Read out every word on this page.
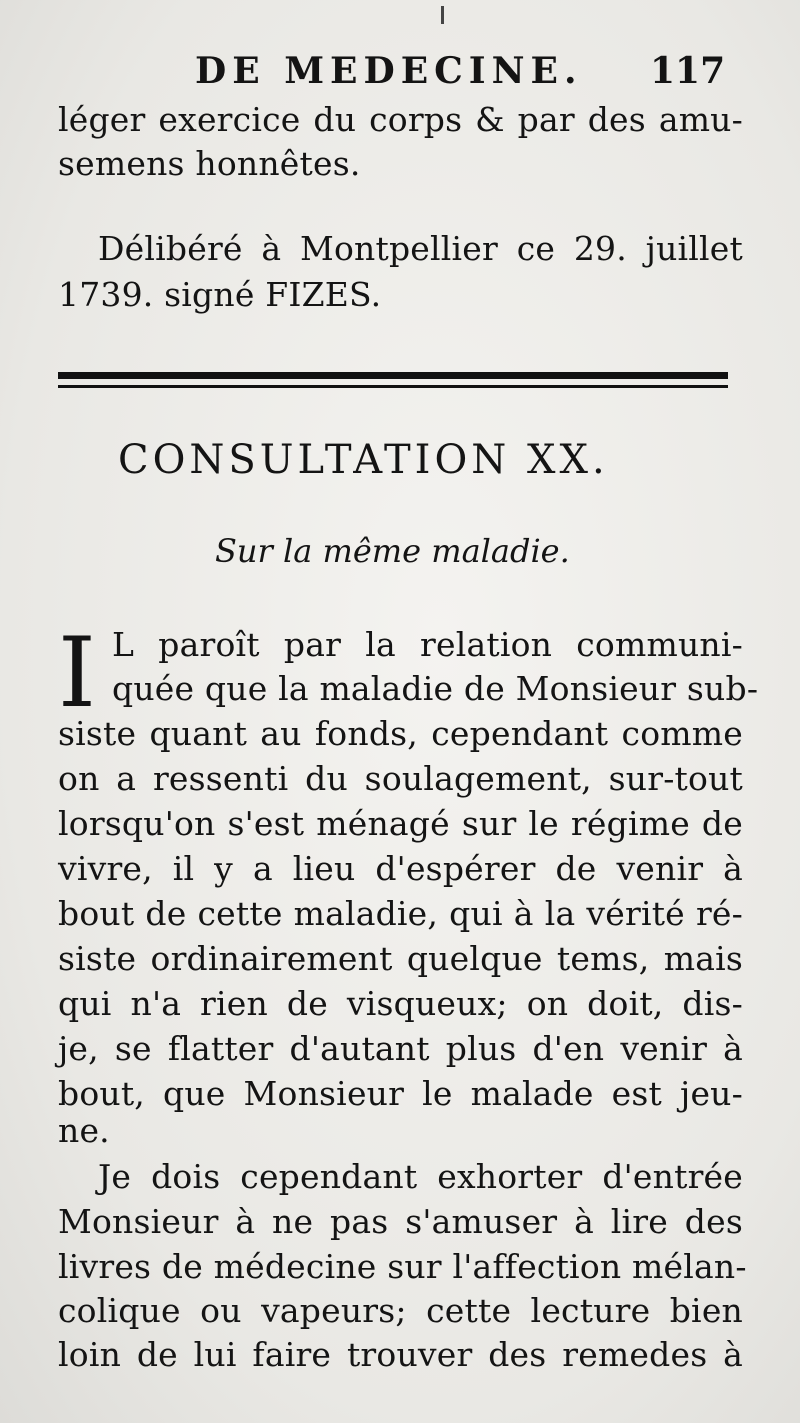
DE MEDECINE. 117
léger exercice du corps & par des amu-
semens honnêtes.
Délibéré à Montpellier ce 29. juillet
1739. signé FIZES.
CONSULTATION XX.
Sur la même maladie.
I L paroît par la relation communi-
quée que la maladie de Monsieur sub-
siste quant au fonds, cependant comme
on a ressenti du soulagement, sur-tout
lorsqu'on s'est ménagé sur le régime de
vivre, il y a lieu d'espérer de venir à
bout de cette maladie, qui à la vérité ré-
siste ordinairement quelque tems, mais
qui n'a rien de visqueux; on doit, dis-
je, se flatter d'autant plus d'en venir à
bout, que Monsieur le malade est jeu-
ne.
Je dois cependant exhorter d'entrée
Monsieur à ne pas s'amuser à lire des
livres de médecine sur l'affection mélan-
colique ou vapeurs; cette lecture bien
loin de lui faire trouver des remedes à
